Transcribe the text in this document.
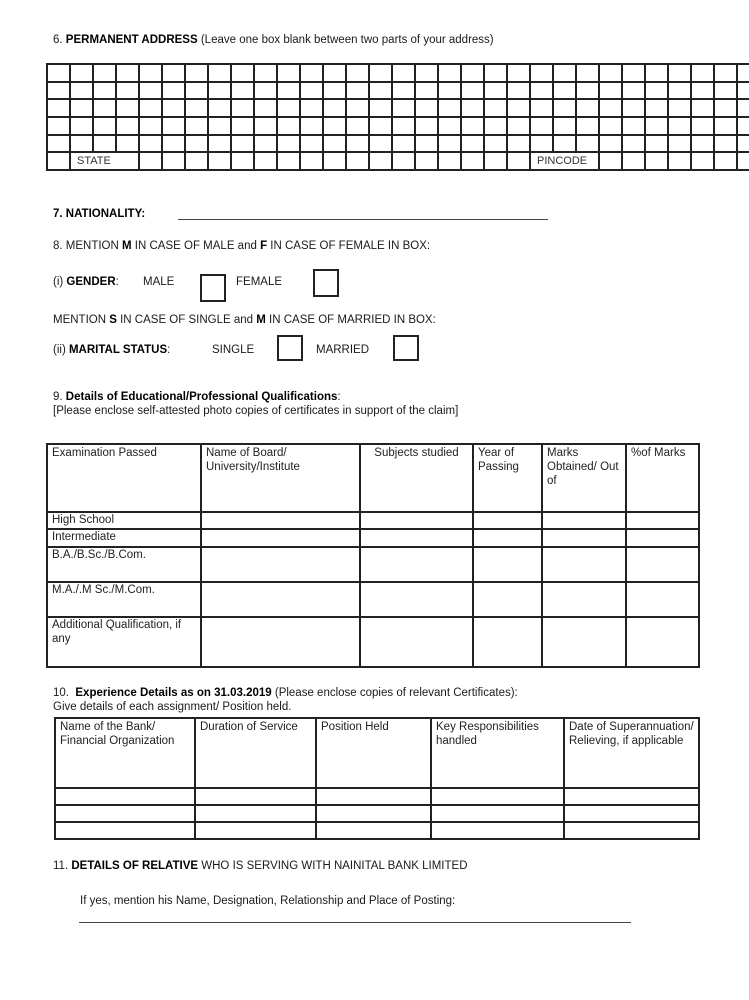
6. PERMANENT ADDRESS (Leave one box blank between two parts of your address)

	STATE																				PINCODE										
7. NATIONALITY:
8. MENTION M IN CASE OF MALE and F IN CASE OF FEMALE IN BOX:
(i) GENDER: MALE	FEMALE
MENTION S IN CASE OF SINGLE and M IN CASE OF MARRIED IN BOX:
(ii) MARITAL STATUS:	SINGLE	MARRIED
9. Details of Educational/Professional Qualifications:
[Please enclose self-attested photo copies of certificates in support of the claim]
Examination Passed	Name of Board/ University/Institute	Subjects studied	Year of Passing	Marks Obtained/ Out of	%of Marks
High School					
Intermediate					
B.A./B.Sc./B.Com.					
M.A./.M Sc./M.Com.					
Additional Qualification, if any					
10. Experience Details as on 31.03.2019 (Please enclose copies of relevant Certificates):
Give details of each assignment/ Position held.
Name of the Bank/ Financial Organization	Duration of Service	Position Held	Key Responsibilities handled	Date of Superannuation/ Relieving, if applicable

11. DETAILS OF RELATIVE WHO IS SERVING WITH NAINITAL BANK LIMITED
If yes, mention his Name, Designation, Relationship and Place of Posting:
